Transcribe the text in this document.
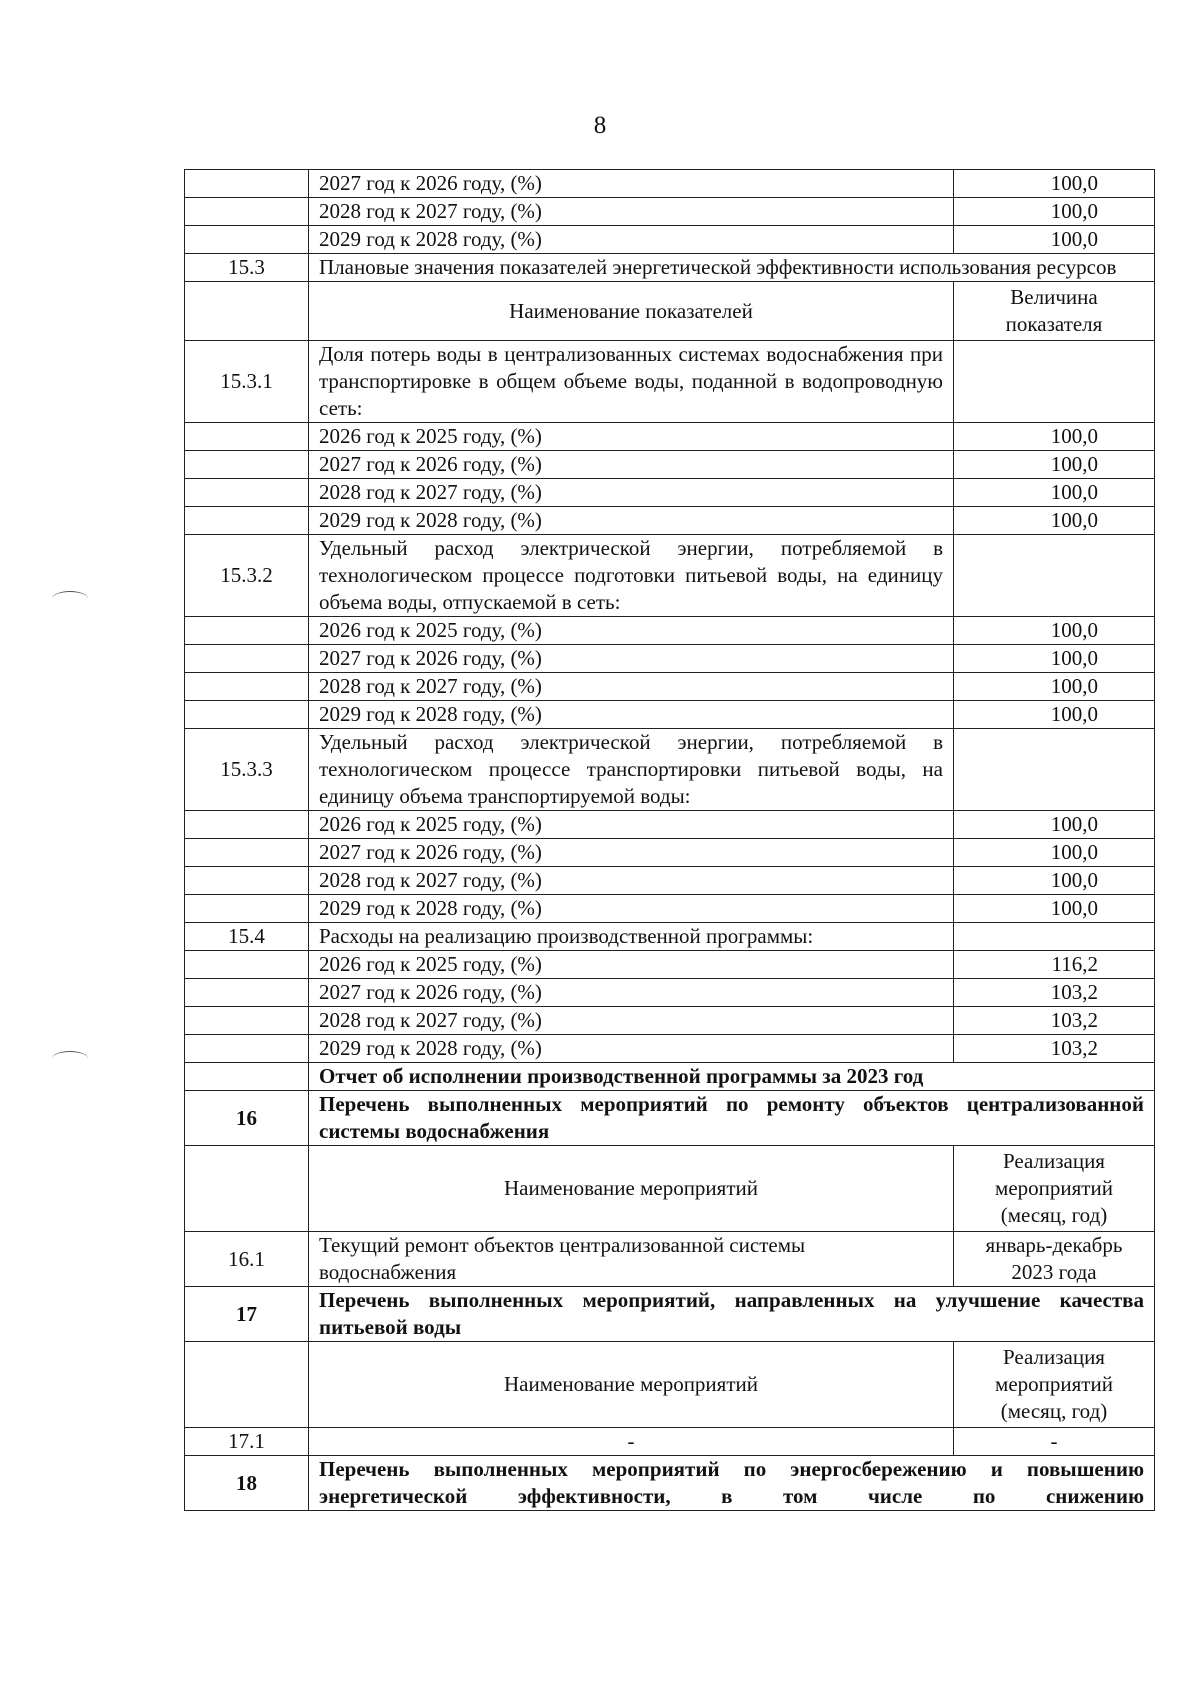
8
	2027 год к 2026 году, (%)	100,0
	2028 год к 2027 году, (%)	100,0
	2029 год к 2028 году, (%)	100,0
15.3	Плановые значения показателей энергетической эффективности использования ресурсов	
	Наименование показателей	Величина показателя
15.3.1	Доля потерь воды в централизованных системах водоснабжения при транспортировке в общем объеме воды, поданной в водопроводную сеть:	
	2026 год к 2025 году, (%)	100,0
	2027 год к 2026 году, (%)	100,0
	2028 год к 2027 году, (%)	100,0
	2029 год к 2028 году, (%)	100,0
15.3.2	Удельный расход электрической энергии, потребляемой в технологическом процессе подготовки питьевой воды, на единицу объема воды, отпускаемой в сеть:	
	2026 год к 2025 году, (%)	100,0
	2027 год к 2026 году, (%)	100,0
	2028 год к 2027 году, (%)	100,0
	2029 год к 2028 году, (%)	100,0
15.3.3	Удельный расход электрической энергии, потребляемой в технологическом процессе транспортировки питьевой воды, на единицу объема транспортируемой воды:	
	2026 год к 2025 году, (%)	100,0
	2027 год к 2026 году, (%)	100,0
	2028 год к 2027 году, (%)	100,0
	2029 год к 2028 году, (%)	100,0
15.4	Расходы на реализацию производственной программы:	
	2026 год к 2025 году, (%)	116,2
	2027 год к 2026 году, (%)	103,2
	2028 год к 2027 году, (%)	103,2
	2029 год к 2028 году, (%)	103,2
	Отчет об исполнении производственной программы за 2023 год	
16	Перечень выполненных мероприятий по ремонту объектов централизованной системы водоснабжения	
	Наименование мероприятий	Реализация мероприятий (месяц, год)
16.1	Текущий ремонт объектов централизованной системы водоснабжения	январь-декабрь 2023 года
17	Перечень выполненных мероприятий, направленных на улучшение качества питьевой воды	
	Наименование мероприятий	Реализация мероприятий (месяц, год)
17.1	-	-
18	Перечень выполненных мероприятий по энергосбережению и повышению энергетической эффективности, в том числе по снижению	
